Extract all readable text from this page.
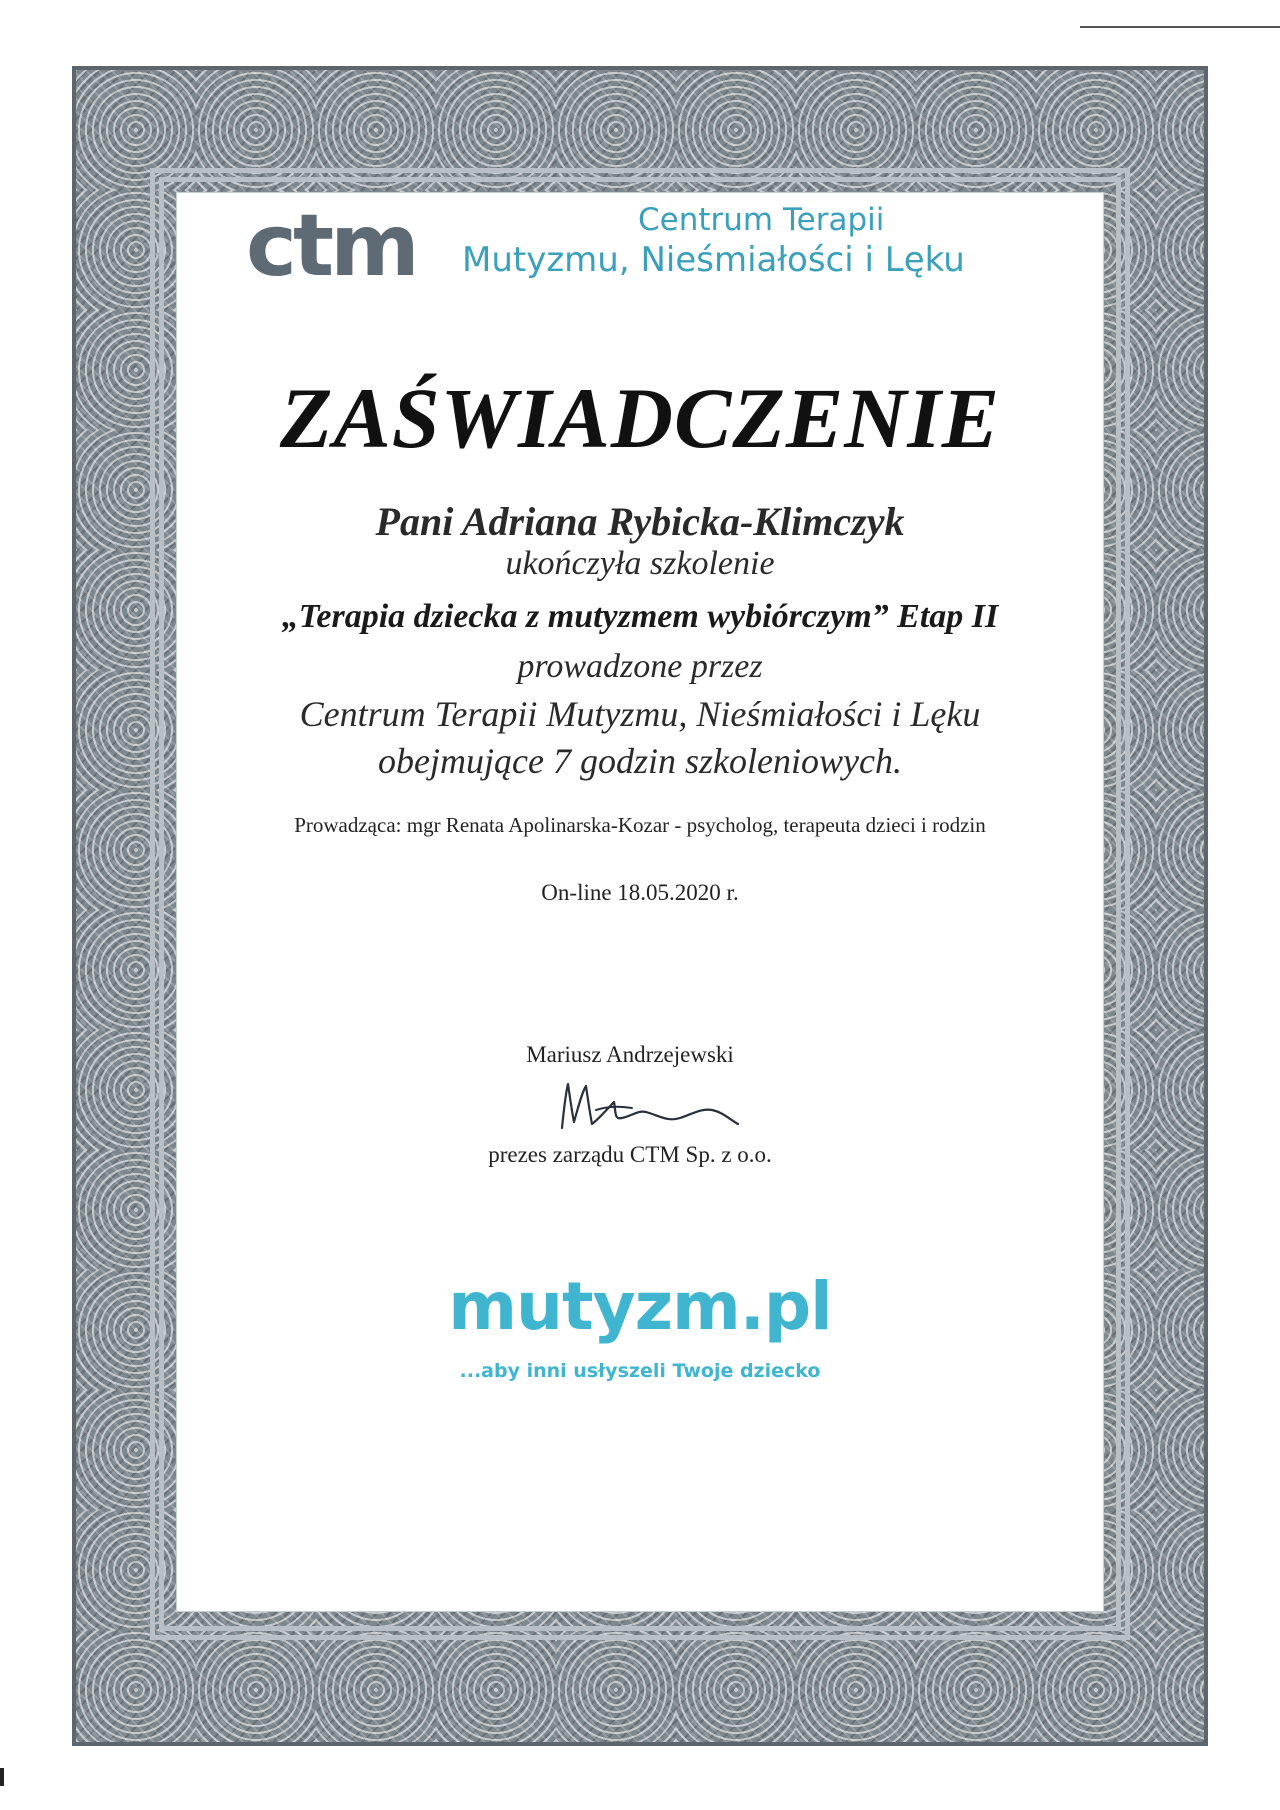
ctm	Centrum Terapii
Mutyzmu, Nieśmiałości i Lęku
ZAŚWIADCZENIE
Pani Adriana Rybicka-Klimczyk
ukończyła szkolenie
„Terapia dziecka z mutyzmem wybiórczym” Etap II
prowadzone przez
Centrum Terapii Mutyzmu, Nieśmiałości i Lęku
obejmujące 7 godzin szkoleniowych.
Prowadząca: mgr Renata Apolinarska-Kozar - psycholog, terapeuta dzieci i rodzin
On-line 18.05.2020 r.
Mariusz Andrzejewski
prezes zarządu CTM Sp. z o.o.
mutyzm.pl
...aby inni usłyszeli Twoje dziecko
